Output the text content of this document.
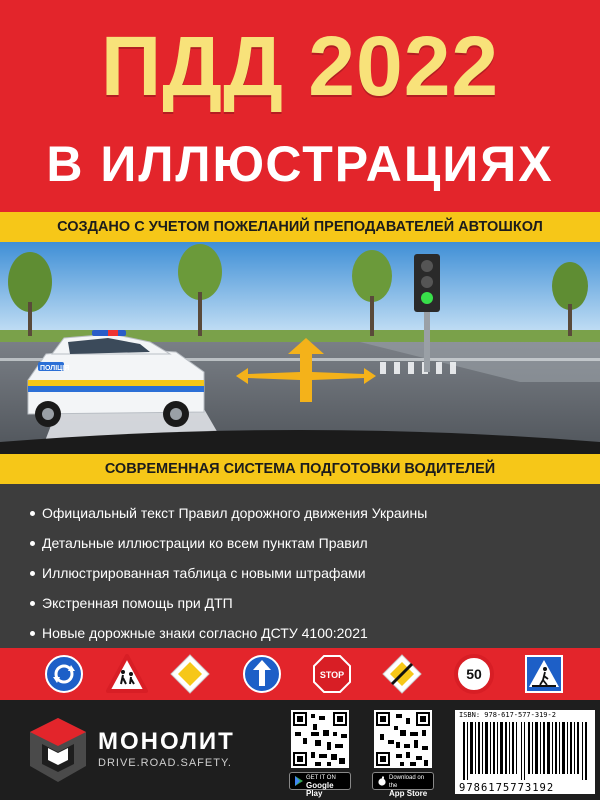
ПДД 2022
В ИЛЛЮСТРАЦИЯХ
СОЗДАНО С УЧЕТОМ ПОЖЕЛАНИЙ ПРЕПОДАВАТЕЛЕЙ АВТОШКОЛ
ПОЛІЦІЯ
СОВРЕМЕННАЯ СИСТЕМА ПОДГОТОВКИ ВОДИТЕЛЕЙ
Официальный текст Правил дорожного движения Украины
Детальные иллюстрации ко всем пунктам Правил
Иллюстрированная таблица с новыми штрафами
Экстренная помощь при ДТП
Новые дорожные знаки согласно ДСТУ 4100:2021
STOP	50
МОНОЛИТ
DRIVE.ROAD.SAFETY.
GET IT ON
Google Play
Download on the
App Store
ISBN: 978-617-577-319-2
9786175773192
